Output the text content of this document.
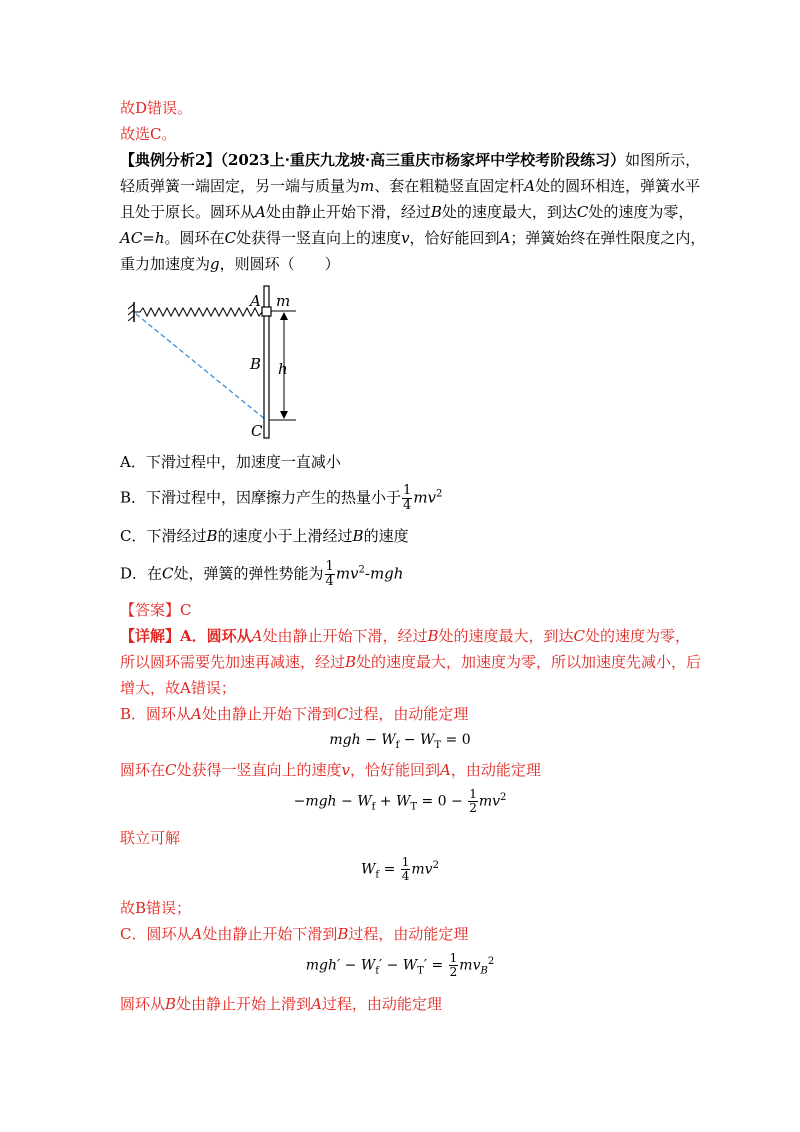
故D错误。
故选C。
【典例分析2】（2023上·重庆九龙坡·高三重庆市杨家坪中学校考阶段练习）如图所示，
轻质弹簧一端固定，另一端与质量为m、套在粗糙竖直固定杆A处的圆环相连，弹簧水平
且处于原长。圆环从A处由静止开始下滑，经过B处的速度最大，到达C处的速度为零，
AC=h。圆环在C处获得一竖直向上的速度v，恰好能回到A；弹簧始终在弹性限度之内，
重力加速度为g，则圆环（　　）
A m
B h
C
A．下滑过程中，加速度一直减小
B．下滑过程中，因摩擦力产生的热量小于 $\frac{1}{4} mv^2$
C．下滑经过B的速度小于上滑经过B的速度
D．在C处，弹簧的弹性势能为 $\frac{1}{4} mv^2-mgh$
【答案】C
【详解】A．圆环从A处由静止开始下滑，经过B处的速度最大，到达C处的速度为零，
所以圆环需要先加速再减速，经过B处的速度最大，加速度为零，所以加速度先减小，后
增大，故A错误；
B．圆环从A处由静止开始下滑到C过程，由动能定理
mgh − $W_f - W_T = 0$
圆环在C处获得一竖直向上的速度v，恰好能回到A，由动能定理
$-mgh - W_f + W_T = 0 - \frac{1}{2} mv^2$
联立可解
$W_f = \frac{1}{4} mv^2$
故B错误；
C．圆环从A处由静止开始下滑到B过程，由动能定理
$mgh' - W_f' - W_T' = \frac{1}{2} mv_B^2$
圆环从B处由静止开始上滑到A过程，由动能定理
